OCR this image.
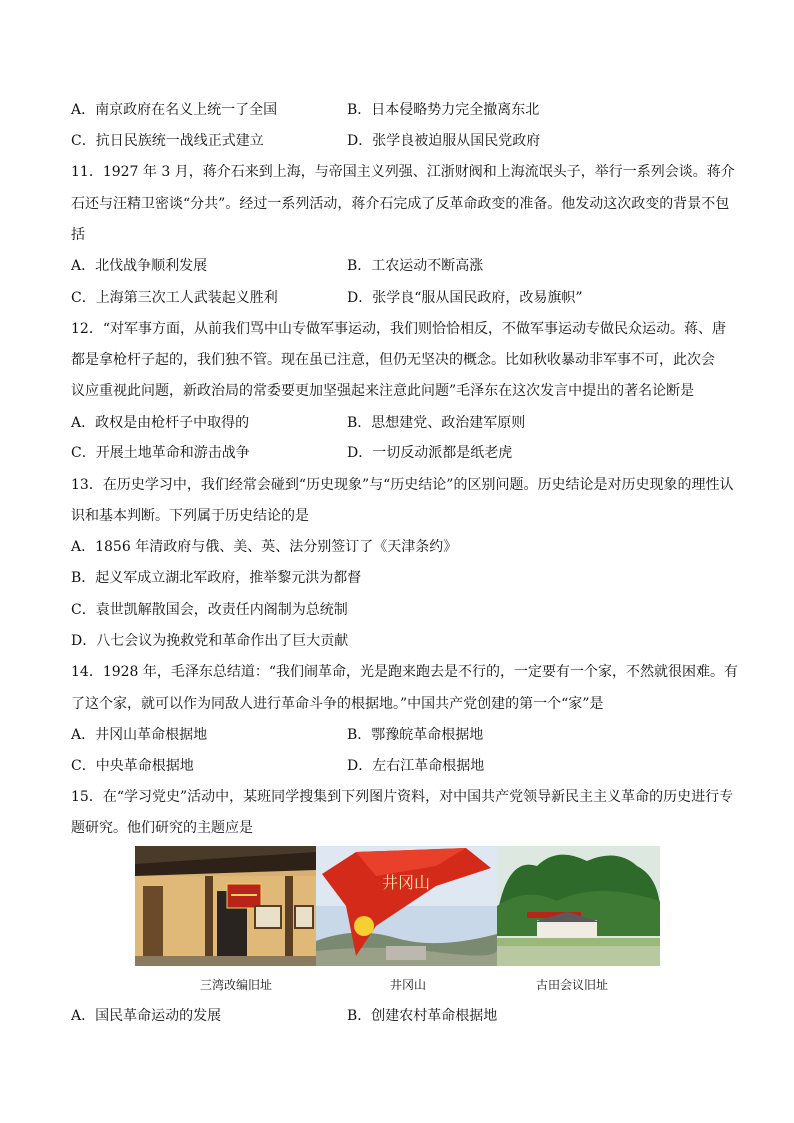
A．南京政府在名义上统一了全国	B．日本侵略势力完全撤离东北
C．抗日民族统一战线正式建立	D．张学良被迫服从国民党政府
11．1927 年 3 月，蒋介石来到上海，与帝国主义列强、江浙财阀和上海流氓头子，举行一系列会谈。蒋介
石还与汪精卫密谈“分共”。经过一系列活动，蒋介石完成了反革命政变的准备。他发动这次政变的背景不包
括
A．北伐战争顺利发展	B．工农运动不断高涨
C．上海第三次工人武装起义胜利	D．张学良“服从国民政府，改易旗帜”
12．“对军事方面，从前我们骂中山专做军事运动，我们则恰恰相反，不做军事运动专做民众运动。蒋、唐
都是拿枪杆子起的，我们独不管。现在虽已注意，但仍无坚决的概念。比如秋收暴动非军事不可，此次会
议应重视此问题，新政治局的常委要更加坚强起来注意此问题”毛泽东在这次发言中提出的著名论断是
A．政权是由枪杆子中取得的	B．思想建党、政治建军原则
C．开展土地革命和游击战争	D．一切反动派都是纸老虎
13．在历史学习中，我们经常会碰到“历史现象”与“历史结论”的区别问题。历史结论是对历史现象的理性认
识和基本判断。下列属于历史结论的是
A．1856 年清政府与俄、美、英、法分别签订了《天津条约》
B．起义军成立湖北军政府，推举黎元洪为都督
C．袁世凯解散国会，改责任内阁制为总统制
D．八七会议为挽救党和革命作出了巨大贡献
14．1928 年，毛泽东总结道：“我们闹革命，光是跑来跑去是不行的，一定要有一个家，不然就很困难。有
了这个家，就可以作为同敌人进行革命斗争的根据地。”中国共产党创建的第一个“家”是
A．井冈山革命根据地	B．鄂豫皖革命根据地
C．中央革命根据地	D．左右江革命根据地
15．在“学习党史”活动中，某班同学搜集到下列图片资料，对中国共产党领导新民主主义革命的历史进行专
题研究。他们研究的主题应是
井冈山
三湾改编旧址	井冈山	古田会议旧址
A．国民革命运动的发展	B．创建农村革命根据地
